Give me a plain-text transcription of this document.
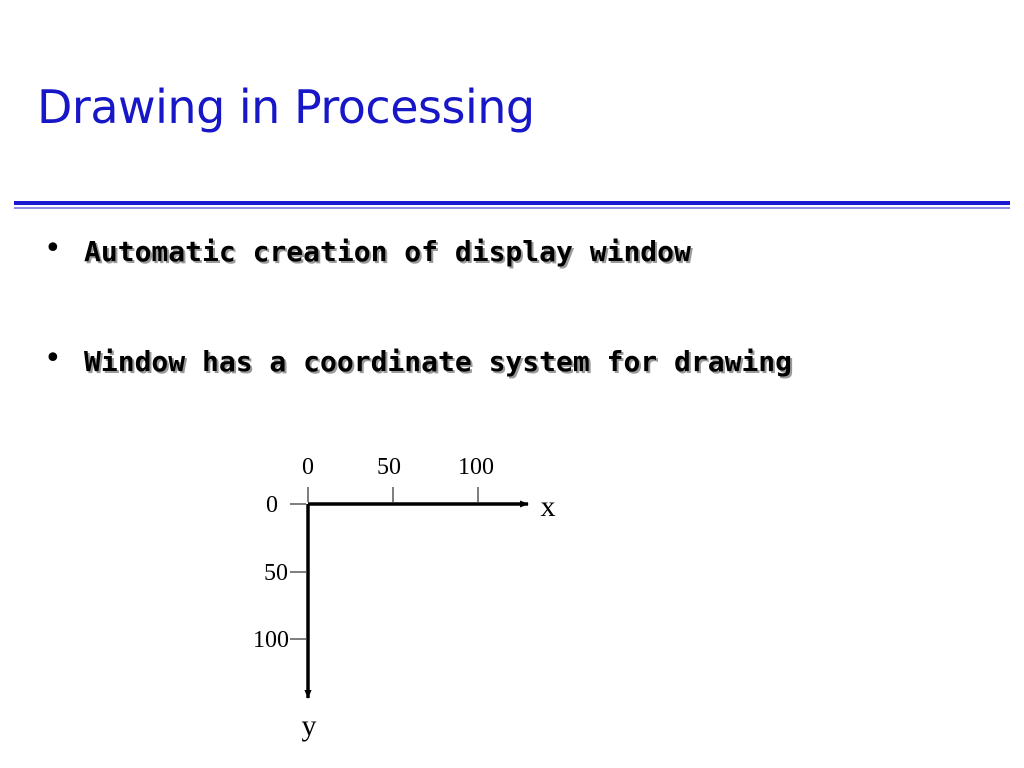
Drawing in Processing
• Automatic creation of display window
• Window has a coordinate system for drawing
0	50 100
0
50
100
x
y
